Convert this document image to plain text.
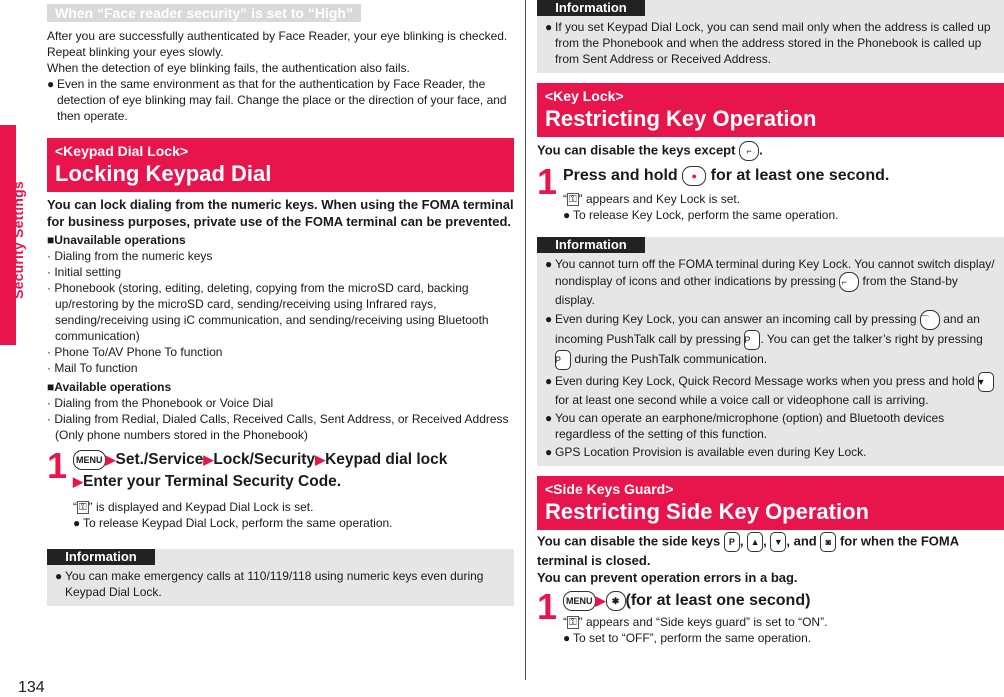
Security Settings
134
When “Face reader security” is set to “High”

After you are successfully authenticated by Face Reader, your eye blinking is checked.

Repeat blinking your eyes slowly.

When the detection of eye blinking fails, the authentication also fails.

● Even in the same environment as that for the authentication by Face Reader, the detection of eye blinking may fail. Change the place or the direction of your face, and then operate.

<Keypad Dial Lock>
Locking Keypad Dial

You can lock dialing from the numeric keys. When using the FOMA terminal for business purposes, private use of the FOMA terminal can be prevented.

■Unavailable operations

· Dialing from the numeric keys

· Initial setting

· Phonebook (storing, editing, deleting, copying from the microSD card, backing up/restoring by the microSD card, sending/receiving using Infrared rays, sending/receiving using iC communication, and sending/receiving using Bluetooth communication)

· Phone To/AV Phone To function

· Mail To function

■Available operations

· Dialing from the Phonebook or Voice Dial

· Dialing from Redial, Dialed Calls, Received Calls, Sent Address, or Received Address (Only phone numbers stored in the Phonebook)

1 MENU ▶Set./Service▶Lock/Security▶Keypad dial lock
▶Enter your Terminal Security Code.

“ ⚿ ” is displayed and Keypad Dial Lock is set.

● To release Keypad Dial Lock, perform the same operation.

Information

● You can make emergency calls at 110/119/118 using numeric keys even during Keypad Dial Lock.

Information

● If you set Keypad Dial Lock, you can send mail only when the address is called up from the Phonebook and when the address stored in the Phonebook is called up from Sent Address or Received Address.

<Key Lock>
Restricting Key Operation

You can disable the keys except ⌐ .

1 Press and hold ● for at least one second.

“ ⚿ ” appears and Key Lock is set.

● To release Key Lock, perform the same operation.

Information

● You cannot turn off the FOMA terminal during Key Lock. You cannot switch display/ nondisplay of icons and other indications by pressing ⌐ from the Stand-by display.

● Even during Key Lock, you can answer an incoming call by pressing ⌒ and an incoming PushTalk call by pressing P . You can get the talker’s right by pressing P during the PushTalk communication.

● Even during Key Lock, Quick Record Message works when you press and hold ▼ for at least one second while a voice call or videophone call is arriving.

● You can operate an earphone/microphone (option) and Bluetooth devices regardless of the setting of this function.

● GPS Location Provision is available even during Key Lock.

<Side Keys Guard>
Restricting Side Key Operation

You can disable the side keys P , ▲ , ▼ , and ◙ for when the FOMA terminal is closed.

You can prevent operation errors in a bag.

1 MENU ▶ ✱ (for at least one second)

“ ⚿ ” appears and “Side keys guard” is set to “ON”.

● To set to “OFF”, perform the same operation.
